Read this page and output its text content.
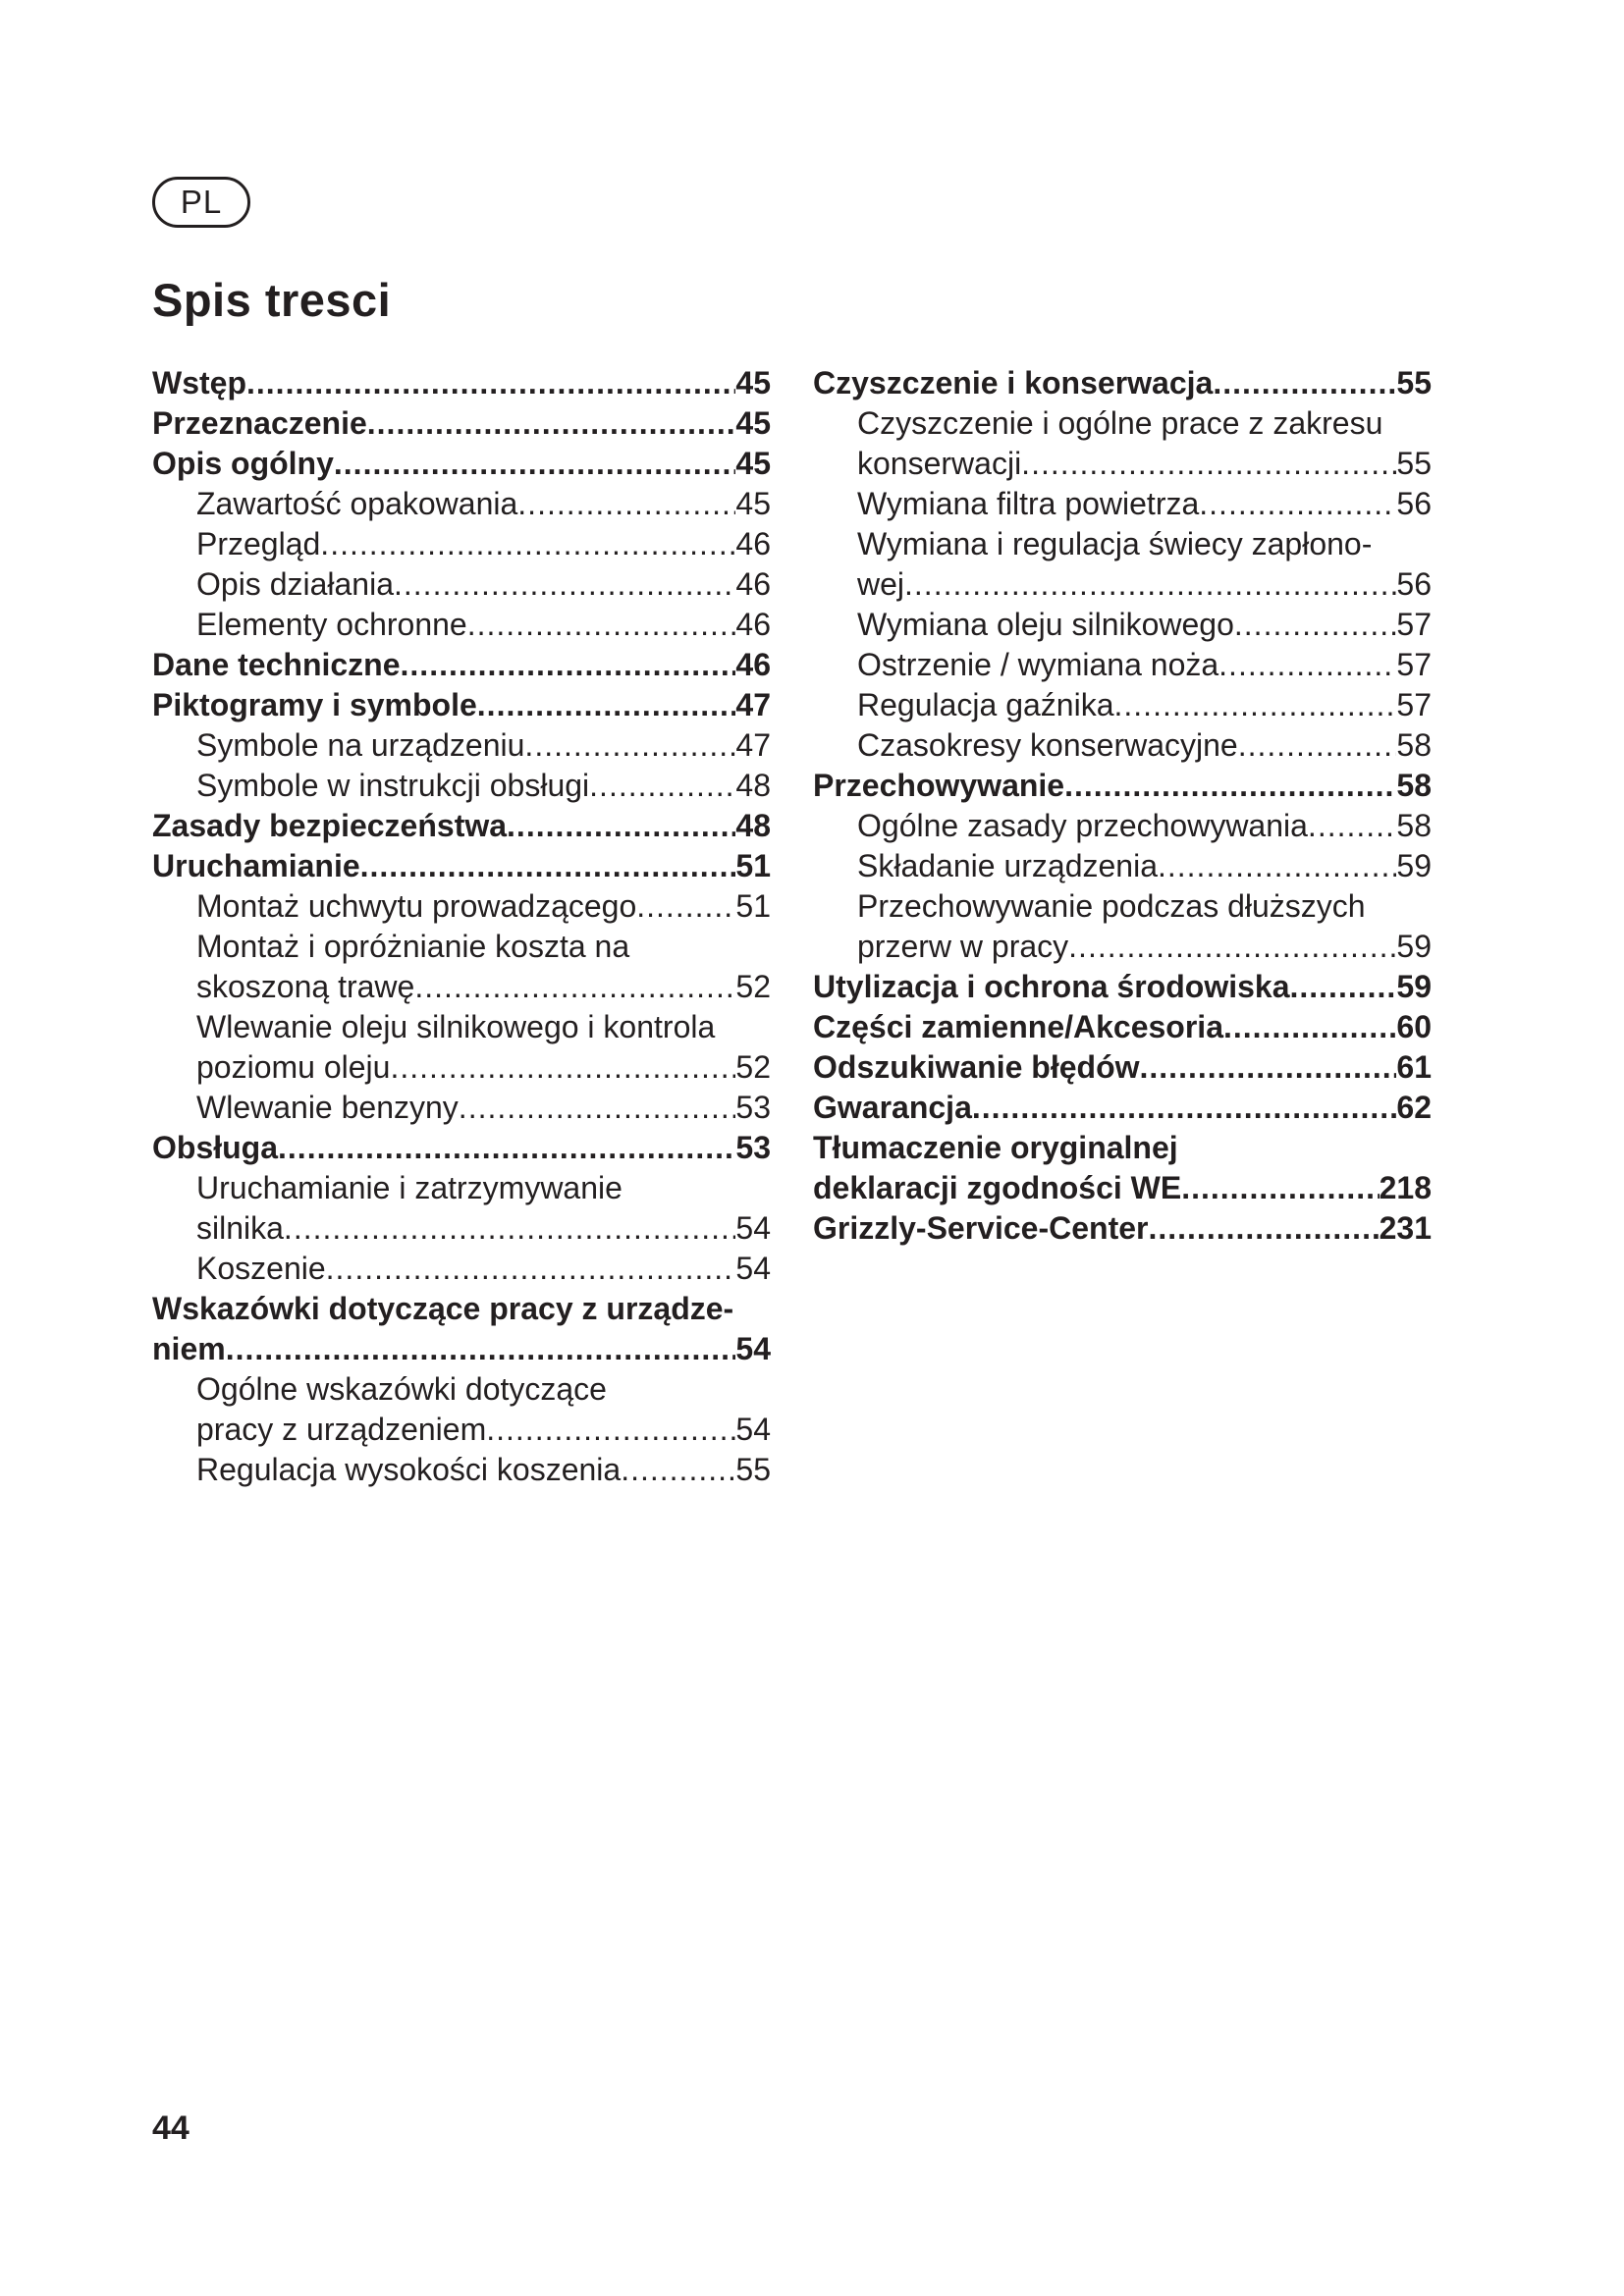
PL
Spis tresci
Wstęp .....	45
Przeznaczenie .....	45
Opis ogólny .....	45
Zawartość opakowania .....	45
Przegląd .....	46
Opis działania .....	46
Elementy ochronne .....	46
Dane techniczne .....	46
Piktogramy i symbole .....	47
Symbole na urządzeniu .....	47
Symbole w instrukcji obsługi .....	48
Zasady bezpieczeństwa .....	48
Uruchamianie .....	51
Montaż uchwytu prowadzącego .....	51
Montaż i opróżnianie koszta na
skoszoną trawę .....	52
Wlewanie oleju silnikowego i kontrola
poziomu oleju .....	52
Wlewanie benzyny .....	53
Obsługa .....	53
Uruchamianie i zatrzymywanie
silnika .....	54
Koszenie .....	54
Wskazówki dotyczące pracy z urządze-
niem .....	54
Ogólne wskazówki dotyczące
pracy z urządzeniem .....	54
Regulacja wysokości koszenia .....	55
Czyszczenie i konserwacja .....	55
Czyszczenie i ogólne prace z zakresu
konserwacji .....	55
Wymiana filtra powietrza .....	56
Wymiana i regulacja świecy zapłono-
wej .....	56
Wymiana oleju silnikowego .....	57
Ostrzenie / wymiana noża .....	57
Regulacja gaźnika .....	57
Czasokresy konserwacyjne .....	58
Przechowywanie .....	58
Ogólne zasady przechowywania .....	58
Składanie urządzenia .....	59
Przechowywanie podczas dłuższych
przerw w pracy .....	59
Utylizacja i ochrona środowiska .....	59
Części zamienne/Akcesoria .....	60
Odszukiwanie błędów .....	61
Gwarancja .....	62
Tłumaczenie oryginalnej
deklaracji zgodności WE .....	218
Grizzly-Service-Center .....	231
44
